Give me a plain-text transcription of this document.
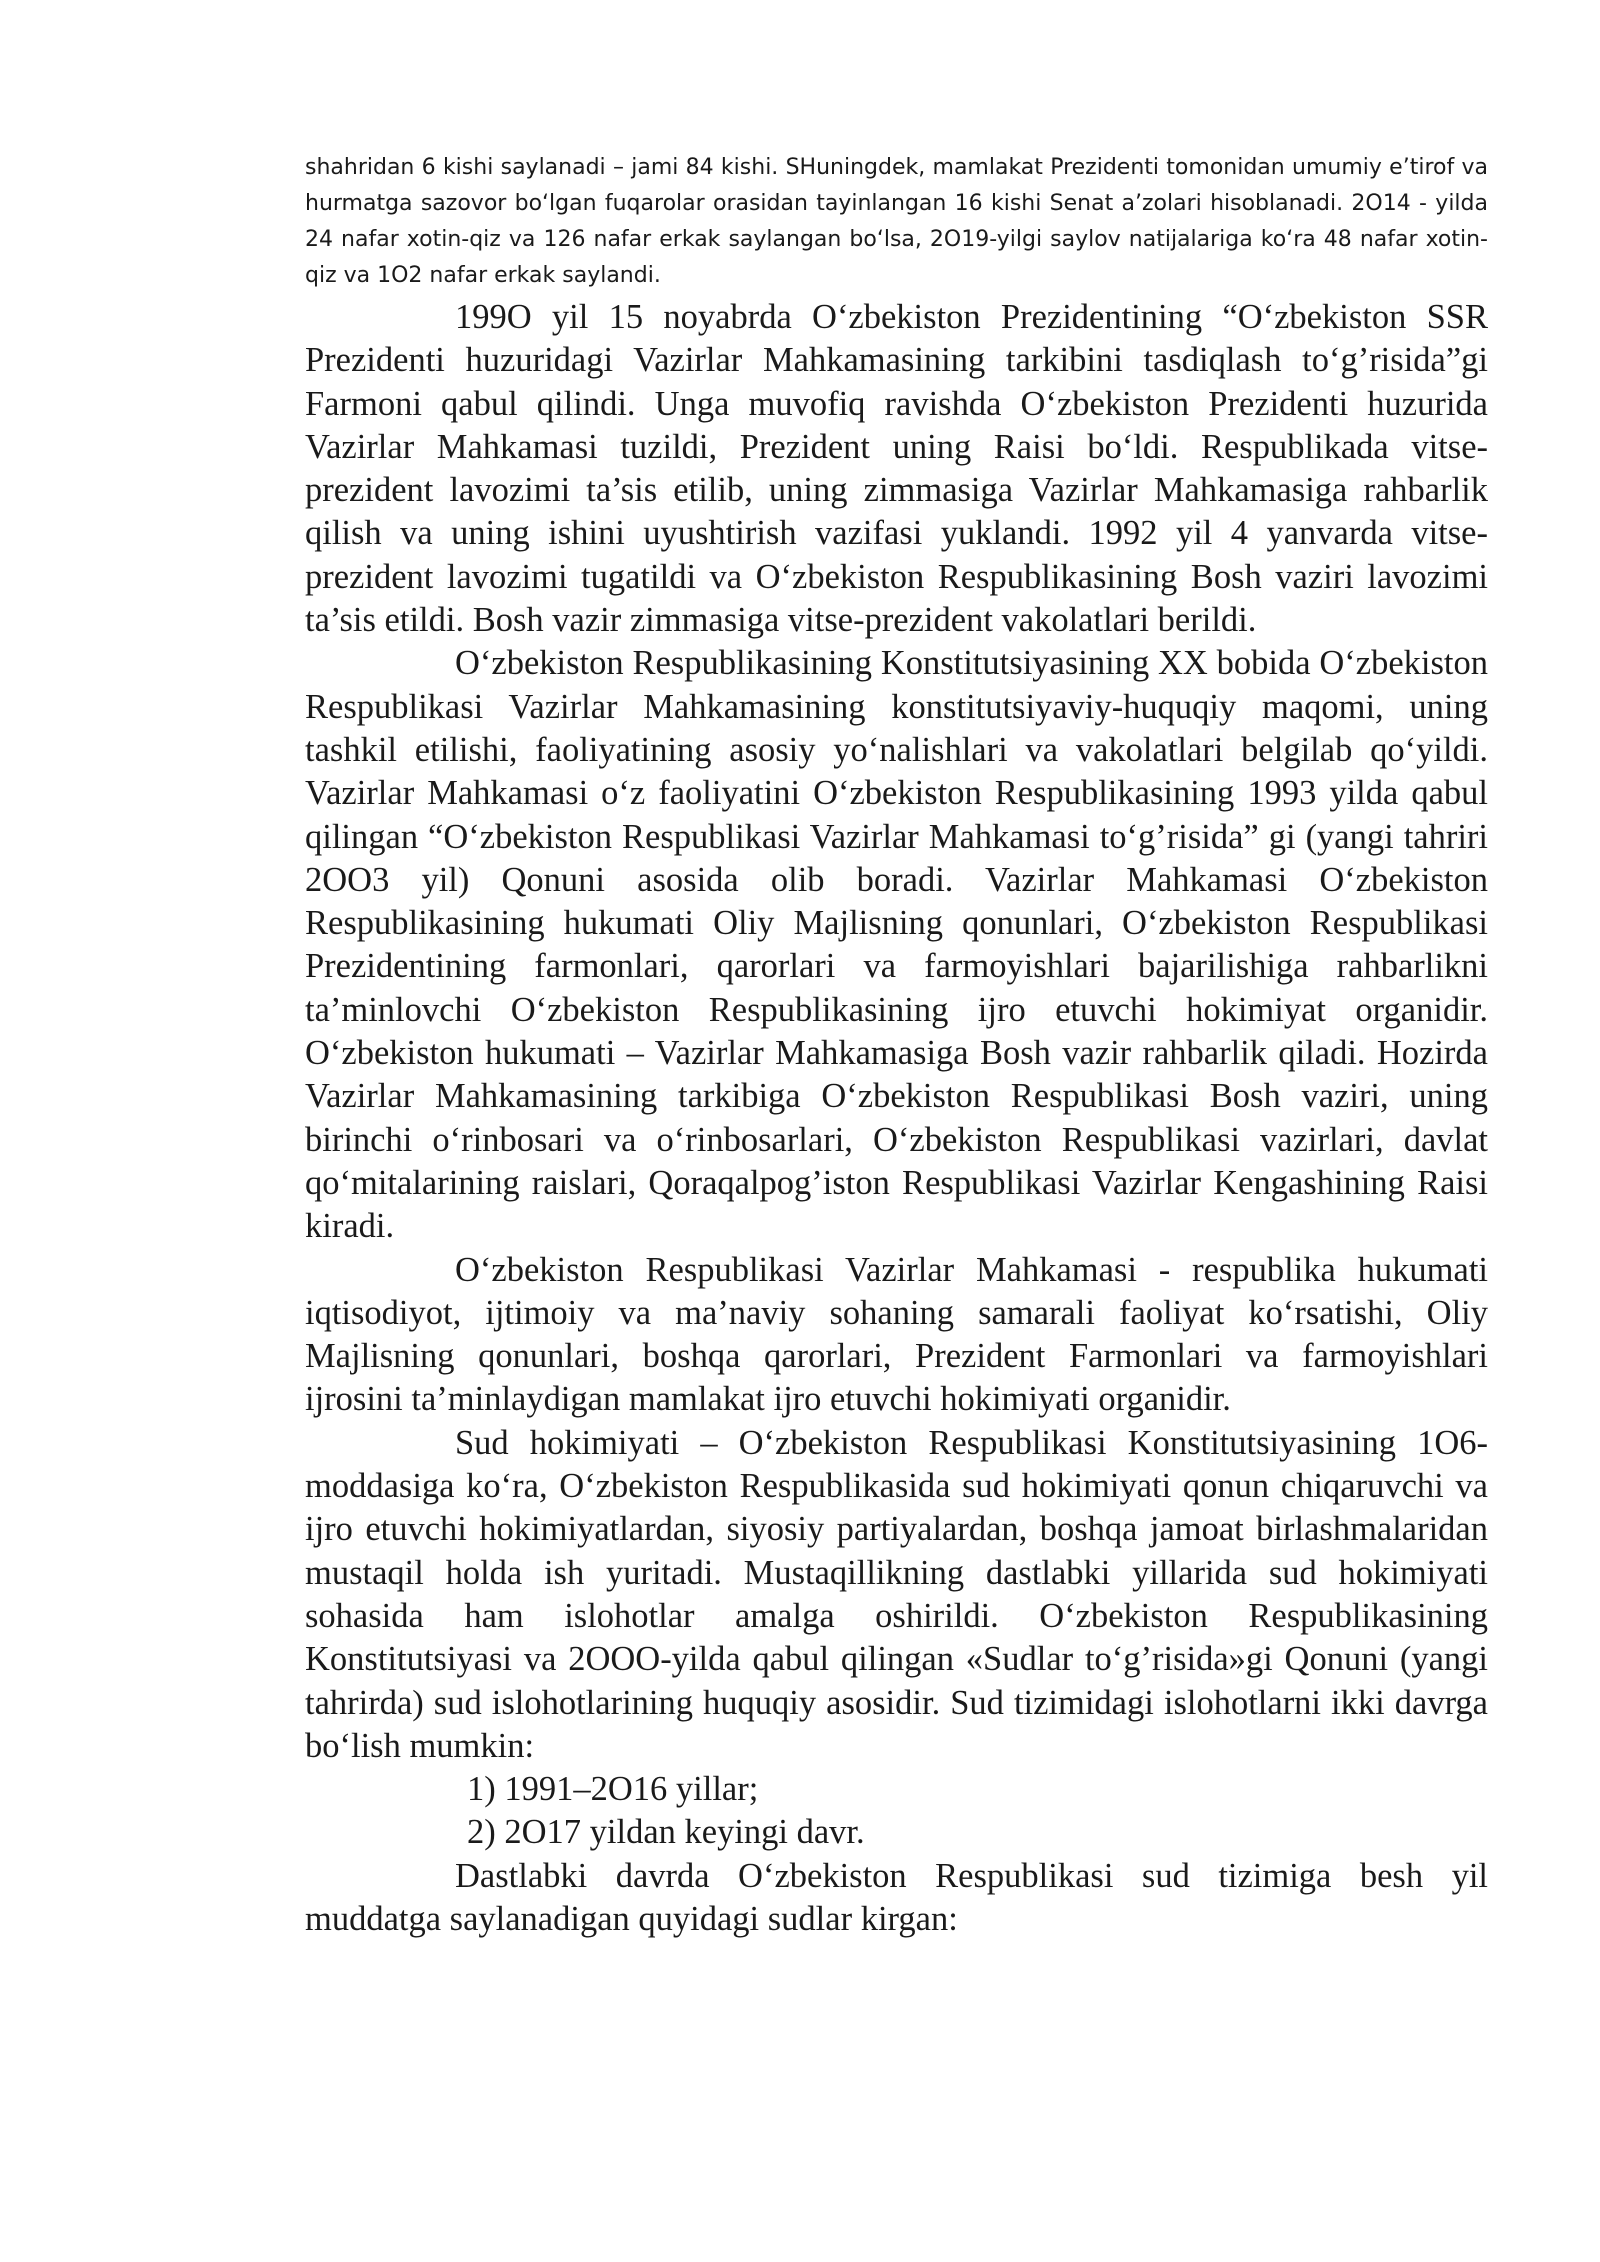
shahridan 6 kishi saylanadi – jami 84 kishi. SHuningdek, mamlakat Prezidenti tomonidan umumiy e’tirof va hurmatga sazovor bo‘lgan fuqarolar orasidan tayinlangan 16 kishi Senat a’zolari hisoblanadi. 2O14 - yilda 24 nafar xotin-qiz va 126 nafar erkak saylangan bo‘lsa, 2O19-yilgi saylov natijalariga ko‘ra 48 nafar xotin-qiz va 1O2 nafar erkak saylandi.

199O yil 15 noyabrda O‘zbekiston Prezidentining “O‘zbekiston SSR Prezidenti huzuridagi Vazirlar Mahkamasining tarkibini tasdiqlash to‘g’risida”gi Farmoni qabul qilindi. Unga muvofiq ravishda O‘zbekiston Prezidenti huzurida Vazirlar Mahkamasi tuzildi, Prezident uning Raisi bo‘ldi. Respublikada vitse-prezident lavozimi ta’sis etilib, uning zimmasiga Vazirlar Mahkamasiga rahbarlik qilish va uning ishini uyushtirish vazifasi yuklandi. 1992 yil 4 yanvarda vitse-prezident lavozimi tugatildi va O‘zbekiston Respublikasining Bosh vaziri lavozimi ta’sis etildi. Bosh vazir zimmasiga vitse-prezident vakolatlari berildi.

O‘zbekiston Respublikasining Konstitutsiyasining XX bobida O‘zbekiston Respublikasi Vazirlar Mahkamasining konstitutsiyaviy-huquqiy maqomi, uning tashkil etilishi, faoliyatining asosiy yo‘nalishlari va vakolatlari belgilab qo‘yildi. Vazirlar Mahkamasi o‘z faoliyatini O‘zbekiston Respublikasining 1993 yilda qabul qilingan “O‘zbekiston Respublikasi Vazirlar Mahkamasi to‘g’risida” gi (yangi tahriri 2OO3 yil) Qonuni asosida olib boradi. Vazirlar Mahkamasi O‘zbekiston Respublikasining hukumati Oliy Majlisning qonunlari, O‘zbekiston Respublikasi Prezidentining farmonlari, qarorlari va farmoyishlari bajarilishiga rahbarlikni ta’minlovchi O‘zbekiston Respublikasining ijro etuvchi hokimiyat organidir. O‘zbekiston hukumati – Vazirlar Mahkamasiga Bosh vazir rahbarlik qiladi. Hozirda Vazirlar Mahkamasining tarkibiga O‘zbekiston Respublikasi Bosh vaziri, uning birinchi o‘rinbosari va o‘rinbosarlari, O‘zbekiston Respublikasi vazirlari, davlat qo‘mitalarining raislari, Qoraqalpog’iston Respublikasi Vazirlar Kengashining Raisi kiradi.

O‘zbekiston Respublikasi Vazirlar Mahkamasi - respublika hukumati iqtisodiyot, ijtimoiy va ma’naviy sohaning samarali faoliyat ko‘rsatishi, Oliy Majlisning qonunlari, boshqa qarorlari, Prezident Farmonlari va farmoyishlari ijrosini ta’minlaydigan mamlakat ijro etuvchi hokimiyati organidir.

Sud hokimiyati – O‘zbekiston Respublikasi Konstitutsiyasining 1O6-moddasiga ko‘ra, O‘zbekiston Respublikasida sud hokimiyati qonun chiqaruvchi va ijro etuvchi hokimiyatlardan, siyosiy partiyalardan, boshqa jamoat birlashmalaridan mustaqil holda ish yuritadi. Mustaqillikning dastlabki yillarida sud hokimiyati sohasida ham islohotlar amalga oshirildi. O‘zbekiston Respublikasining Konstitutsiyasi va 2OOO-yilda qabul qilingan «Sudlar to‘g’risida»gi Qonuni (yangi tahrirda) sud islohotlarining huquqiy asosidir. Sud tizimidagi islohotlarni ikki davrga bo‘lish mumkin:

1) 1991–2O16 yillar;

2) 2O17 yildan keyingi davr.

Dastlabki davrda O‘zbekiston Respublikasi sud tizimiga besh yil muddatga saylanadigan quyidagi sudlar kirgan:
